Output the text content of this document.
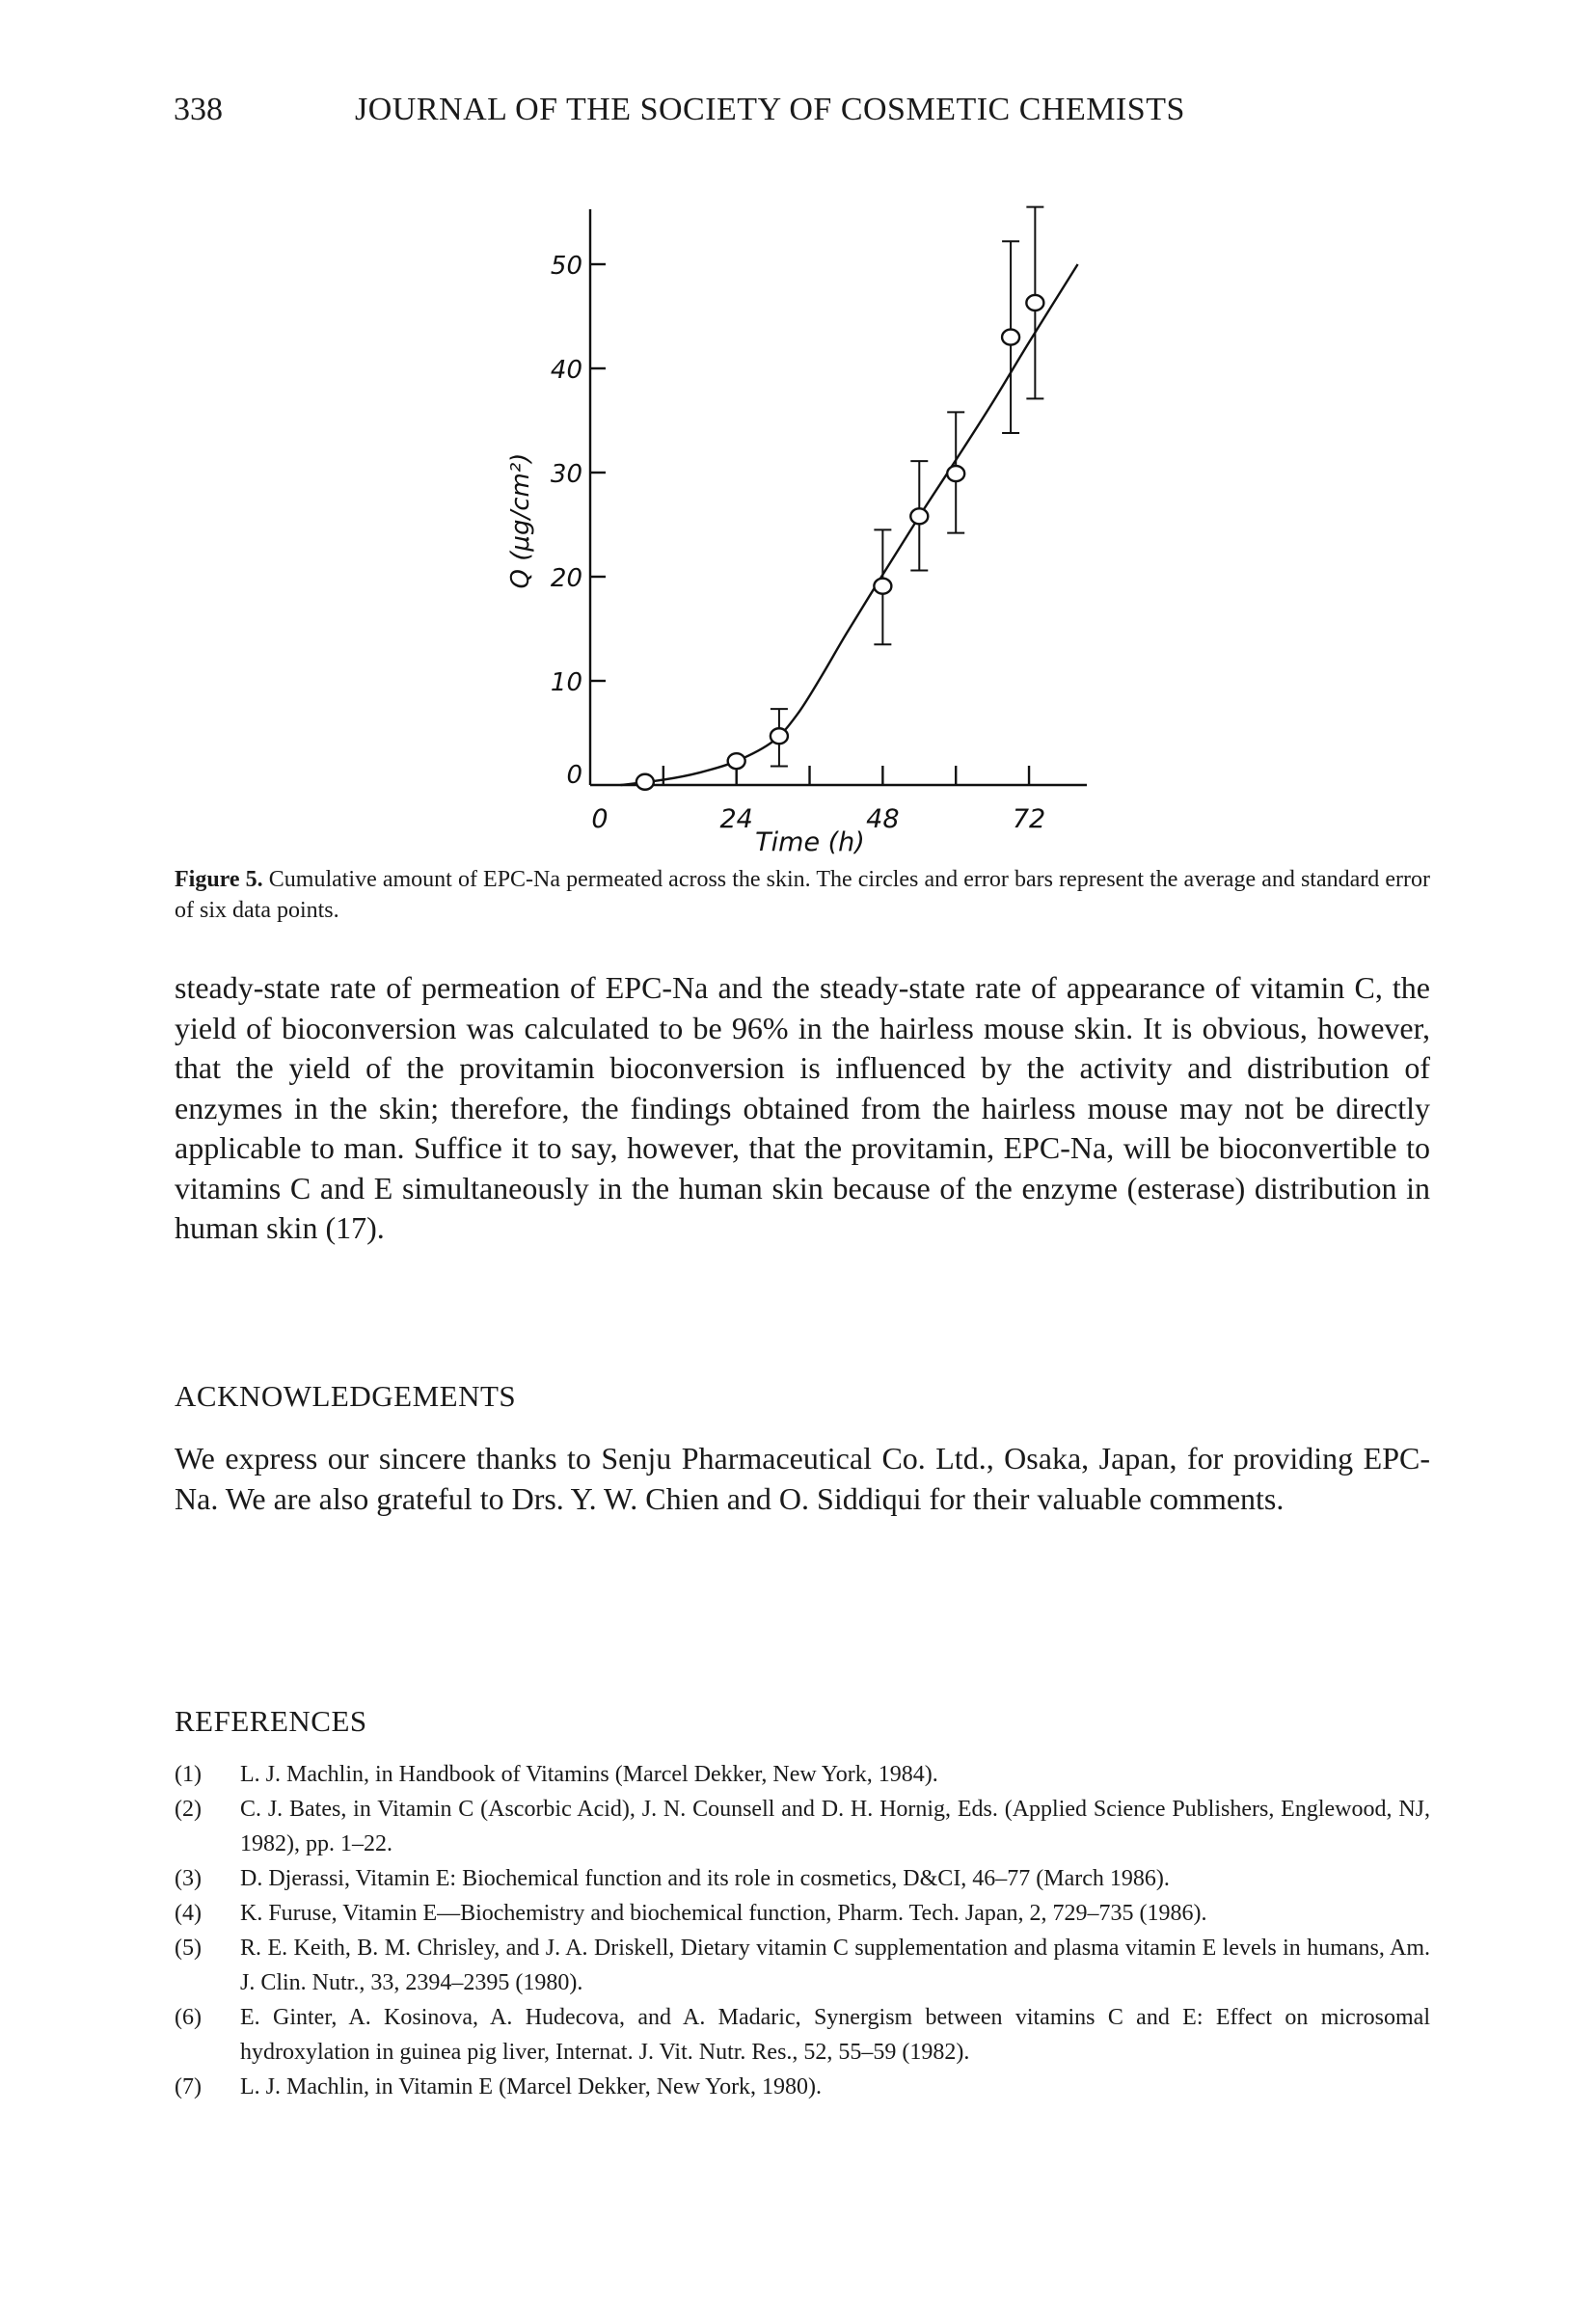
338	JOURNAL OF THE SOCIETY OF COSMETIC CHEMISTS
0
10
20
30
40
50
0	24	48	72
Time (h)
Q (μg/cm²)
Figure 5. Cumulative amount of EPC-Na permeated across the skin. The circles and error bars represent the average and standard error of six data points.
steady-state rate of permeation of EPC-Na and the steady-state rate of appearance of vitamin C, the yield of bioconversion was calculated to be 96% in the hairless mouse skin. It is obvious, however, that the yield of the provitamin bioconversion is influenced by the activity and distribution of enzymes in the skin; therefore, the findings obtained from the hairless mouse may not be directly applicable to man. Suffice it to say, however, that the provitamin, EPC-Na, will be bioconvertible to vitamins C and E simultaneously in the human skin because of the enzyme (esterase) distribution in human skin (17).
ACKNOWLEDGEMENTS
We express our sincere thanks to Senju Pharmaceutical Co. Ltd., Osaka, Japan, for providing EPC-Na. We are also grateful to Drs. Y. W. Chien and O. Siddiqui for their valuable comments.
REFERENCES
(1) L. J. Machlin, in Handbook of Vitamins (Marcel Dekker, New York, 1984).
(2) C. J. Bates, in Vitamin C (Ascorbic Acid), J. N. Counsell and D. H. Hornig, Eds. (Applied Science Publishers, Englewood, NJ, 1982), pp. 1–22.
(3) D. Djerassi, Vitamin E: Biochemical function and its role in cosmetics, D&CI, 46–77 (March 1986).
(4) K. Furuse, Vitamin E—Biochemistry and biochemical function, Pharm. Tech. Japan, 2, 729–735 (1986).
(5) R. E. Keith, B. M. Chrisley, and J. A. Driskell, Dietary vitamin C supplementation and plasma vitamin E levels in humans, Am. J. Clin. Nutr., 33, 2394–2395 (1980).
(6) E. Ginter, A. Kosinova, A. Hudecova, and A. Madaric, Synergism between vitamins C and E: Effect on microsomal hydroxylation in guinea pig liver, Internat. J. Vit. Nutr. Res., 52, 55–59 (1982).
(7) L. J. Machlin, in Vitamin E (Marcel Dekker, New York, 1980).
